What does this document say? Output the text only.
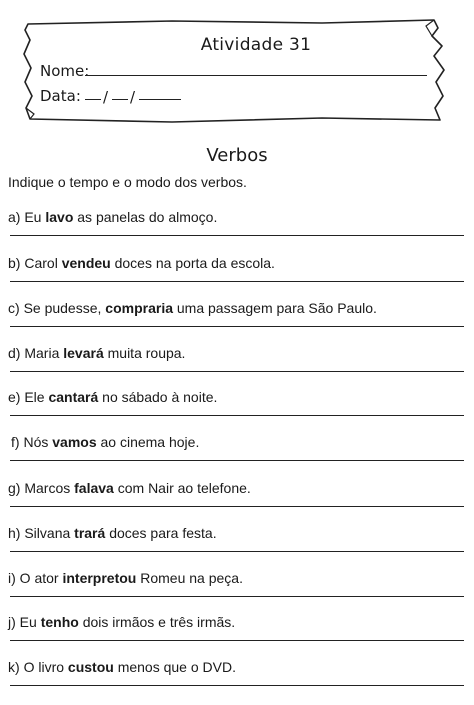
Atividade 31
Nome:
Data: / /
Verbos
Indique o tempo e o modo dos verbos.
a) Eu lavo as panelas do almoço.
b) Carol vendeu doces na porta da escola.
c) Se pudesse, compraria uma passagem para São Paulo.
d) Maria levará muita roupa.
e) Ele cantará no sábado à noite.
f) Nós vamos ao cinema hoje.
g) Marcos falava com Nair ao telefone.
h) Silvana trará doces para festa.
i) O ator interpretou Romeu na peça.
j) Eu tenho dois irmãos e três irmãs.
k) O livro custou menos que o DVD.
